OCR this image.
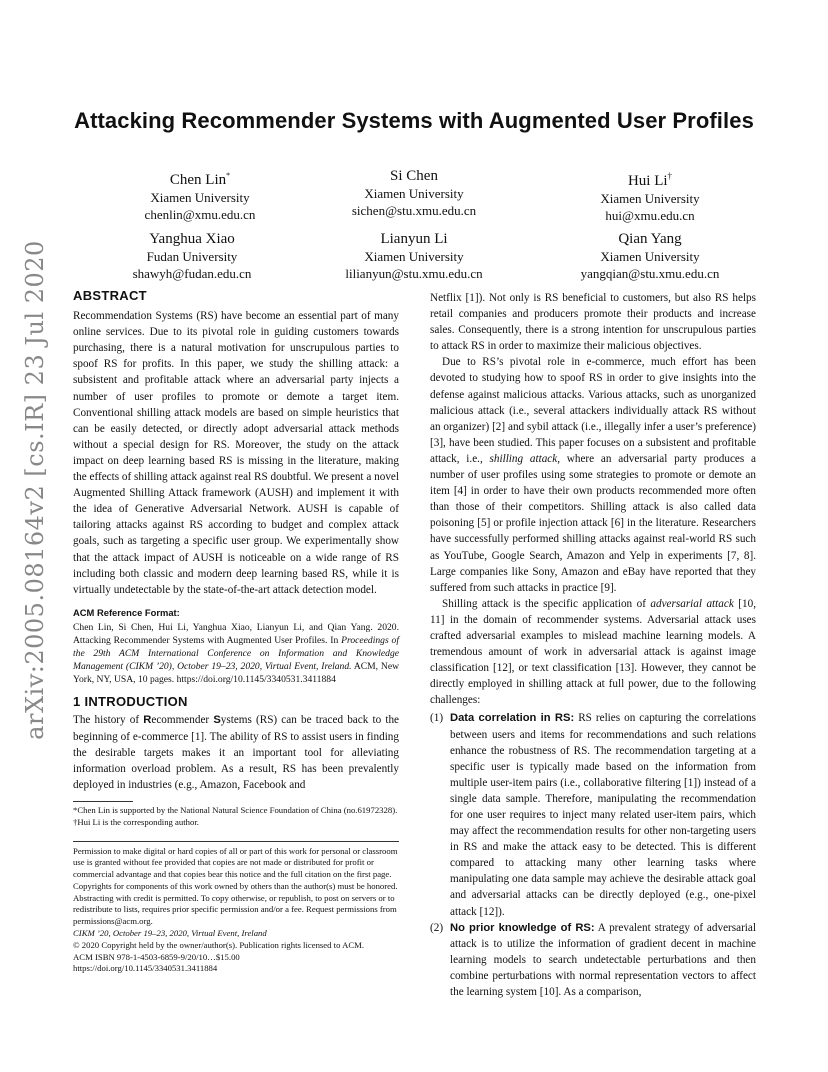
arXiv:2005.08164v2 [cs.IR] 23 Jul 2020
Attacking Recommender Systems with Augmented User Profiles
Chen Lin*
Xiamen University
chenlin@xmu.edu.cn
Si Chen
Xiamen University
sichen@stu.xmu.edu.cn
Hui Li†
Xiamen University
hui@xmu.edu.cn
Yanghua Xiao
Fudan University
shawyh@fudan.edu.cn
Lianyun Li
Xiamen University
lilianyun@stu.xmu.edu.cn
Qian Yang
Xiamen University
yangqian@stu.xmu.edu.cn
ABSTRACT

Recommendation Systems (RS) have become an essential part of many online services. Due to its pivotal role in guiding customers towards purchasing, there is a natural motivation for unscrupulous parties to spoof RS for profits. In this paper, we study the shilling attack: a subsistent and profitable attack where an adversarial party injects a number of user profiles to promote or demote a target item. Conventional shilling attack models are based on simple heuristics that can be easily detected, or directly adopt adversarial attack methods without a special design for RS. Moreover, the study on the attack impact on deep learning based RS is missing in the literature, making the effects of shilling attack against real RS doubtful. We present a novel Augmented Shilling Attack framework (AUSH) and implement it with the idea of Generative Adversarial Network. AUSH is capable of tailoring attacks against RS according to budget and complex attack goals, such as targeting a specific user group. We experimentally show that the attack impact of AUSH is noticeable on a wide range of RS including both classic and modern deep learning based RS, while it is virtually undetectable by the state-of-the-art attack detection model.

ACM Reference Format:

Chen Lin, Si Chen, Hui Li, Yanghua Xiao, Lianyun Li, and Qian Yang. 2020. Attacking Recommender Systems with Augmented User Profiles. In Proceedings of the 29th ACM International Conference on Information and Knowledge Management (CIKM ’20), October 19–23, 2020, Virtual Event, Ireland. ACM, New York, NY, USA, 10 pages. https://doi.org/10.1145/3340531.3411884

1 INTRODUCTION

The history of Recommender Systems (RS) can be traced back to the beginning of e-commerce [1]. The ability of RS to assist users in finding the desirable targets makes it an important tool for alleviating information overload problem. As a result, RS has been prevalently deployed in industries (e.g., Amazon, Facebook and

*Chen Lin is supported by the National Natural Science Foundation of China (no.61972328).

†Hui Li is the corresponding author.

Permission to make digital or hard copies of all or part of this work for personal or classroom use is granted without fee provided that copies are not made or distributed for profit or commercial advantage and that copies bear this notice and the full citation on the first page. Copyrights for components of this work owned by others than the author(s) must be honored. Abstracting with credit is permitted. To copy otherwise, or republish, to post on servers or to redistribute to lists, requires prior specific permission and/or a fee. Request permissions from permissions@acm.org.

CIKM ’20, October 19–23, 2020, Virtual Event, Ireland

© 2020 Copyright held by the owner/author(s). Publication rights licensed to ACM.

ACM ISBN 978-1-4503-6859-9/20/10…$15.00

https://doi.org/10.1145/3340531.3411884

Netflix [1]). Not only is RS beneficial to customers, but also RS helps retail companies and producers promote their products and increase sales. Consequently, there is a strong intention for unscrupulous parties to attack RS in order to maximize their malicious objectives.

Due to RS’s pivotal role in e-commerce, much effort has been devoted to studying how to spoof RS in order to give insights into the defense against malicious attacks. Various attacks, such as unorganized malicious attack (i.e., several attackers individually attack RS without an organizer) [2] and sybil attack (i.e., illegally infer a user’s preference) [3], have been studied. This paper focuses on a subsistent and profitable attack, i.e., shilling attack, where an adversarial party produces a number of user profiles using some strategies to promote or demote an item [4] in order to have their own products recommended more often than those of their competitors. Shilling attack is also called data poisoning [5] or profile injection attack [6] in the literature. Researchers have successfully performed shilling attacks against real-world RS such as YouTube, Google Search, Amazon and Yelp in experiments [7, 8]. Large companies like Sony, Amazon and eBay have reported that they suffered from such attacks in practice [9].

Shilling attack is the specific application of adversarial attack [10, 11] in the domain of recommender systems. Adversarial attack uses crafted adversarial examples to mislead machine learning models. A tremendous amount of work in adversarial attack is against image classification [12], or text classification [13]. However, they cannot be directly employed in shilling attack at full power, due to the following challenges:

(1) Data correlation in RS: RS relies on capturing the correlations between users and items for recommendations and such relations enhance the robustness of RS. The recommendation targeting at a specific user is typically made based on the information from multiple user-item pairs (i.e., collaborative filtering [1]) instead of a single data sample. Therefore, manipulating the recommendation for one user requires to inject many related user-item pairs, which may affect the recommendation results for other non-targeting users in RS and make the attack easy to be detected. This is different compared to attacking many other learning tasks where manipulating one data sample may achieve the desirable attack goal and adversarial attacks can be directly deployed (e.g., one-pixel attack [12]).
(2) No prior knowledge of RS: A prevalent strategy of adversarial attack is to utilize the information of gradient decent in machine learning models to search undetectable perturbations and then combine perturbations with normal representation vectors to affect the learning system [10]. As a comparison,
